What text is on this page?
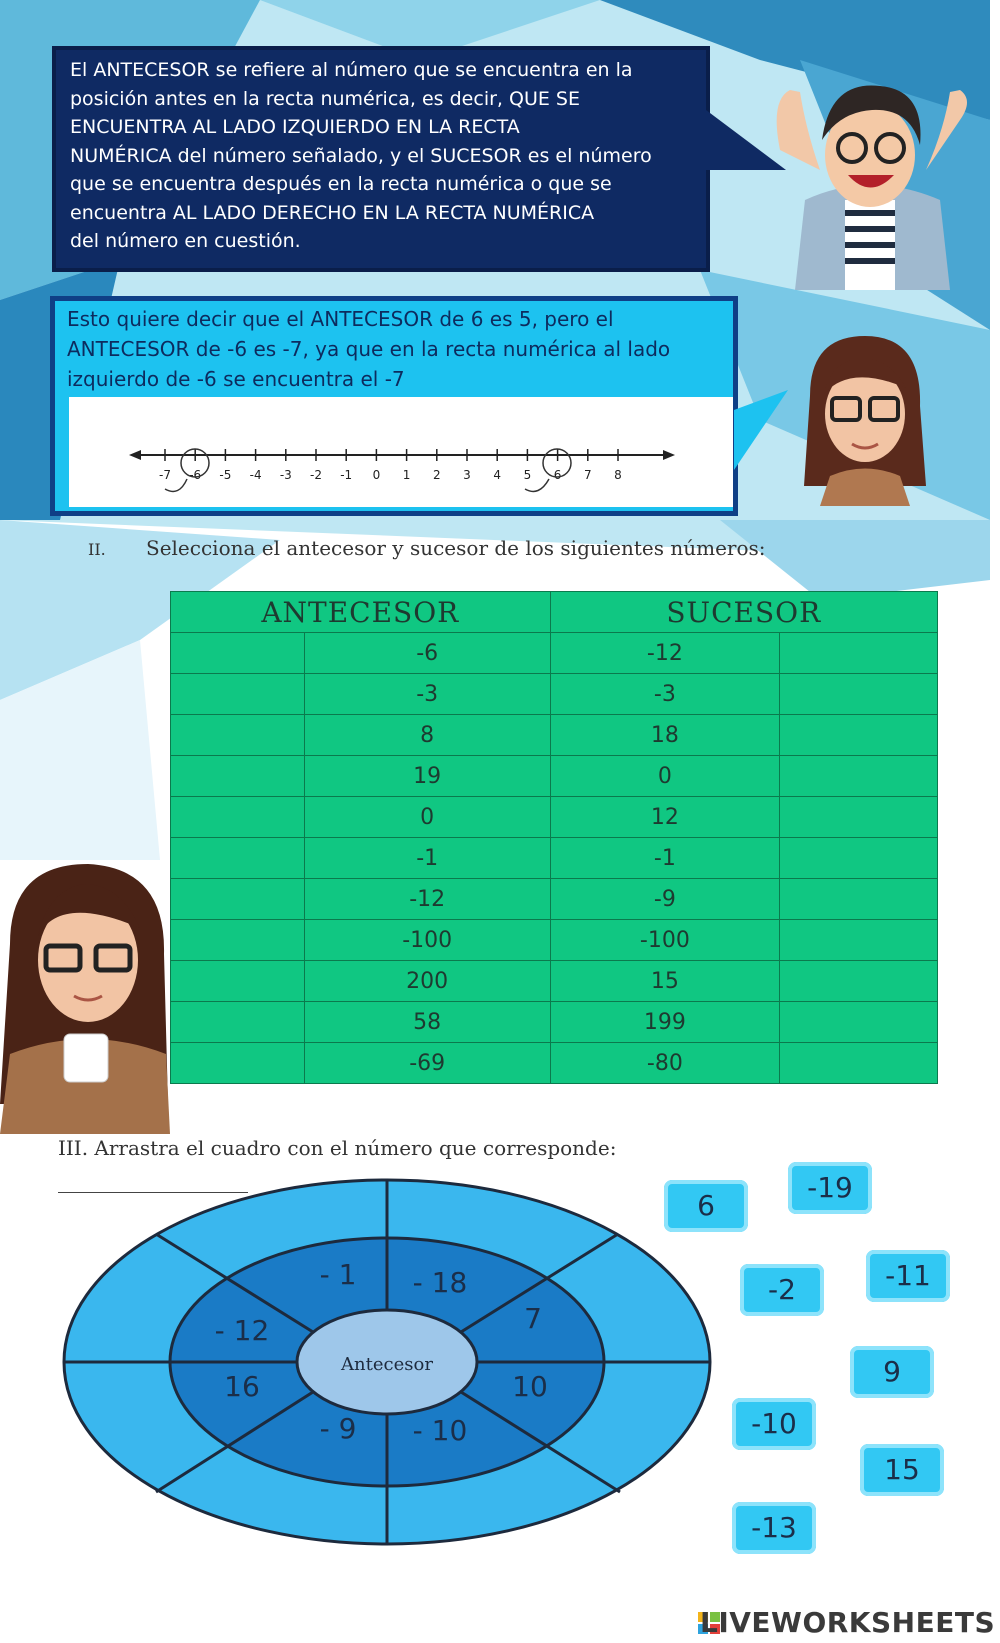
El ANTECESOR se refiere al número que se encuentra en la
posición antes en la recta numérica, es decir, QUE SE
ENCUENTRA AL LADO IZQUIERDO EN LA RECTA
NUMÉRICA del número señalado, y el SUCESOR es el número
que se encuentra después en la recta numérica o que se
encuentra AL LADO DERECHO EN LA RECTA NUMÉRICA
del número en cuestión.
Esto quiere decir que el ANTECESOR de 6 es 5, pero el
ANTECESOR de -6 es -7, ya que en la recta numérica al lado
izquierdo de -6 se encuentra el -7
-7 -6 -5 -4 -3 -2 -1 0 1 2 3 4 5 6 7 8
II. Selecciona el antecesor y sucesor de los siguientes números:
ANTECESOR		SUCESOR	
	-6	-12	
	-3	-3	
	8	18	
	19	0	
	0	12	
	-1	-1	
	-12	-9	
	-100	-100	
	200	15	
	58	199	
	-69	-80	
III. Arrastra el cuadro con el número que corresponde:
Antecesor
- 1 - 18
7
10
- 10
- 9
16
- 12
6
-19
-2	-11
9
-10
15
-13
LIVEWORKSHEETS
